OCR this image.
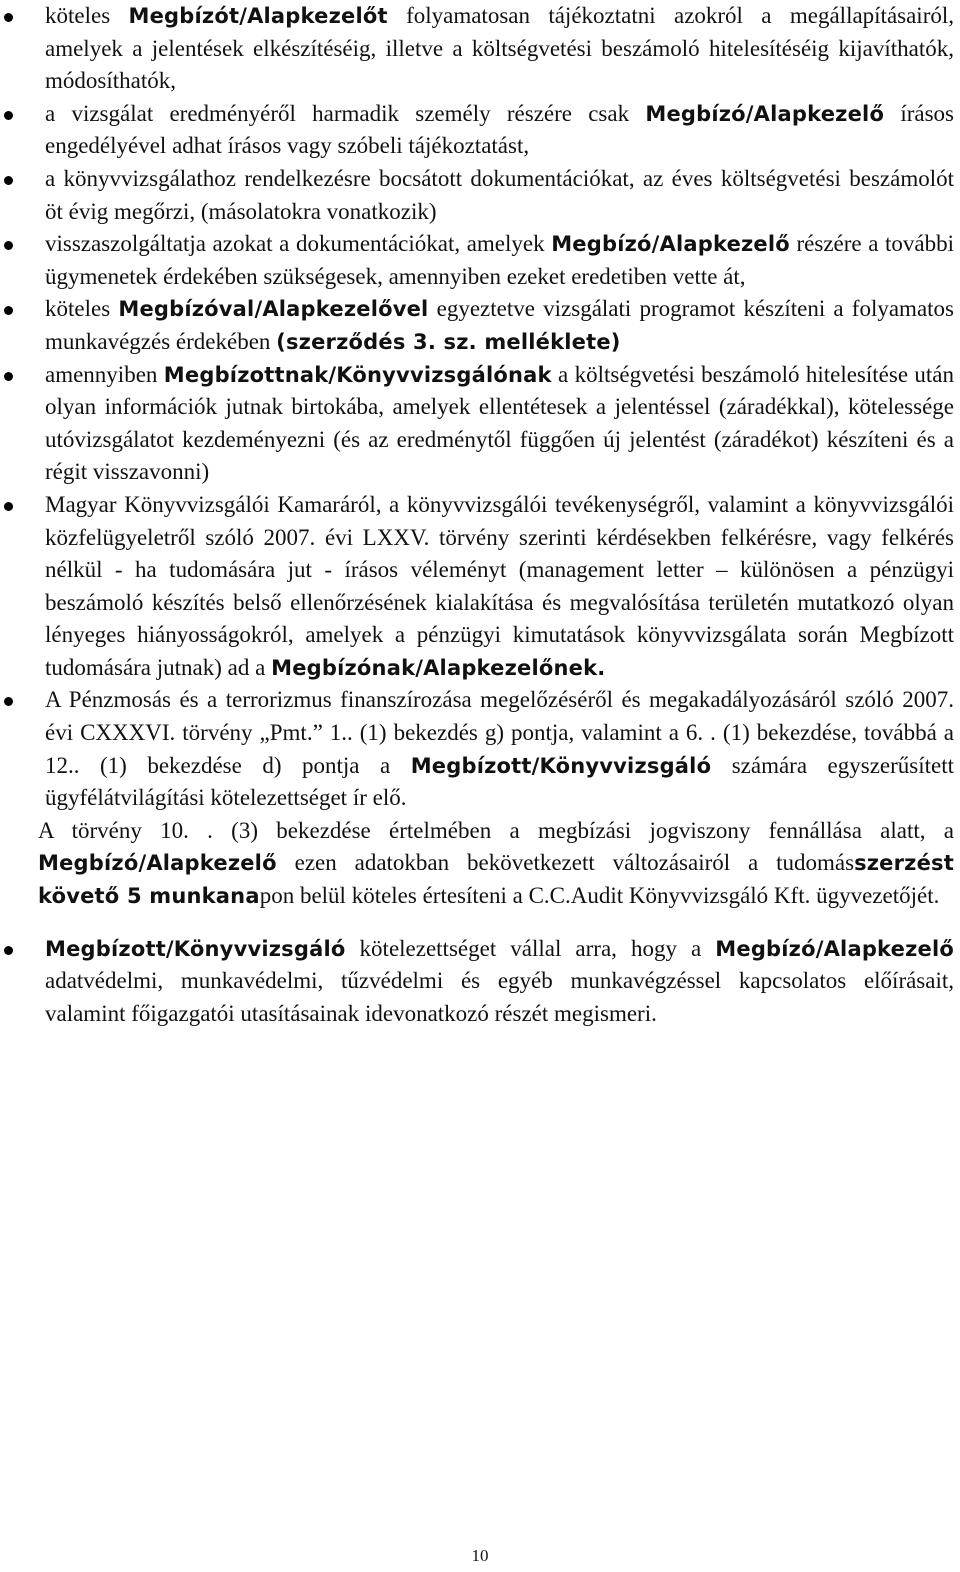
köteles Megbízót/Alapkezelőt folyamatosan tájékoztatni azokról a megállapításairól, amelyek a jelentések elkészítéséig, illetve a költségvetési beszámoló hitelesítéséig kijavíthatók, módosíthatók,
a vizsgálat eredményéről harmadik személy részére csak Megbízó/Alapkezelő írásos engedélyével adhat írásos vagy szóbeli tájékoztatást,
a könyvvizsgálathoz rendelkezésre bocsátott dokumentációkat, az éves költségvetési beszámolót öt évig megőrzi, (másolatokra vonatkozik)
visszaszolgáltatja azokat a dokumentációkat, amelyek Megbízó/Alapkezelő részére a további ügymenetek érdekében szükségesek, amennyiben ezeket eredetiben vette át,
köteles Megbízóval/Alapkezelővel egyeztetve vizsgálati programot készíteni a folyamatos munkavégzés érdekében (szerződés 3. sz. melléklete)
amennyiben Megbízottnak/Könyvvizsgálónak a költségvetési beszámoló hitelesítése után olyan információk jutnak birtokába, amelyek ellentétesek a jelentéssel (záradékkal), kötelessége utóvizsgálatot kezdeményezni (és az eredménytől függően új jelentést (záradékot) készíteni és a régit visszavonni)
Magyar Könyvvizsgálói Kamaráról, a könyvvizsgálói tevékenységről, valamint a könyvvizsgálói közfelügyeletről szóló 2007. évi LXXV. törvény szerinti kérdésekben felkérésre, vagy felkérés nélkül - ha tudomására jut - írásos véleményt (management letter – különösen a pénzügyi beszámoló készítés belső ellenőrzésének kialakítása és megvalósítása területén mutatkozó olyan lényeges hiányosságokról, amelyek a pénzügyi kimutatások könyvvizsgálata során Megbízott tudomására jutnak) ad a Megbízónak/Alapkezelőnek.
A Pénzmosás és a terrorizmus finanszírozása megelőzéséről és megakadályozásáról szóló 2007. évi CXXXVI. törvény „Pmt.” 1.. (1) bekezdés g) pontja, valamint a 6. . (1) bekezdése, továbbá a 12.. (1) bekezdése d) pontja a Megbízott/Könyvvizsgáló számára egyszerűsített ügyfélátvilágítási kötelezettséget ír elő.
A törvény 10. . (3) bekezdése értelmében a megbízási jogviszony fennállása alatt, a Megbízó/Alapkezelő ezen adatokban bekövetkezett változásairól a tudomásszerzést követő 5 munkanapon belül köteles értesíteni a C.C.Audit Könyvvizsgáló Kft. ügyvezetőjét.
Megbízott/Könyvvizsgáló kötelezettséget vállal arra, hogy a Megbízó/Alapkezelő adatvédelmi, munkavédelmi, tűzvédelmi és egyéb munkavégzéssel kapcsolatos előírásait, valamint főigazgatói utasításainak idevonatkozó részét megismeri.
10
